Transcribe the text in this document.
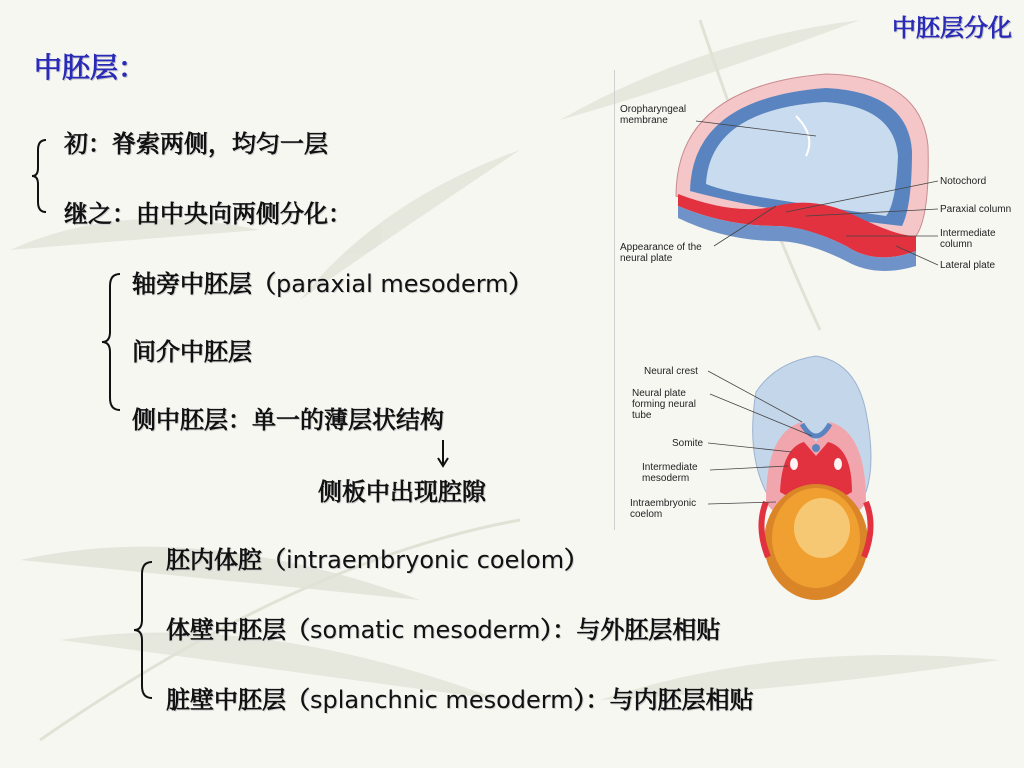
中胚层分化
中胚层：
初：脊索两侧，均匀一层
继之：由中央向两侧分化：
轴旁中胚层（paraxial mesoderm）
间介中胚层
侧中胚层：单一的薄层状结构
侧板中出现腔隙
胚内体腔（intraembryonic coelom）
体壁中胚层（somatic mesoderm）：与外胚层相贴
脏壁中胚层（splanchnic mesoderm）：与内胚层相贴
Oropharyngeal
membrane
Notochord
Paraxial column
Intermediate
column
Lateral plate
Appearance of the
neural plate
Neural crest
Neural plate
forming neural
tube
Somite
Intermediate
mesoderm
Intraembryonic
coelom
